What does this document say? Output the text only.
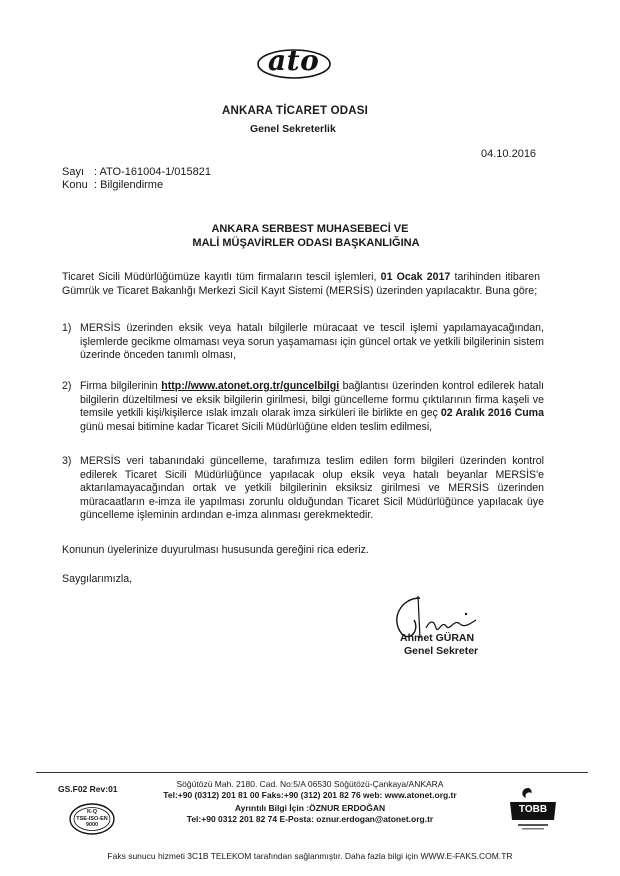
ato
ANKARA TİCARET ODASI
Genel Sekreterlik
04.10.2016
Sayı : ATO-161004-1/015821
Konu : Bilgilendirme
ANKARA SERBEST MUHASEBECİ VE
MALİ MÜŞAVİRLER ODASI BAŞKANLIĞINA
Ticaret Sicili Müdürlüğümüze kayıtlı tüm firmaların tescil işlemleri, 01 Ocak 2017 tarihinden itibaren Gümrük ve Ticaret Bakanlığı Merkezi Sicil Kayıt Sistemi (MERSİS) üzerinden yapılacaktır. Buna göre;
1) MERSİS üzerinden eksik veya hatalı bilgilerle müracaat ve tescil işlemi yapılamayacağından, işlemlerde gecikme olmaması veya sorun yaşamaması için güncel ortak ve yetkili bilgilerinin sistem üzerinde önceden tanımlı olması,
2) Firma bilgilerinin http://www.atonet.org.tr/guncelbilgi bağlantısı üzerinden kontrol edilerek hatalı bilgilerin düzeltilmesi ve eksik bilgilerin girilmesi, bilgi güncelleme formu çıktılarının firma kaşeli ve temsile yetkili kişi/kişilerce ıslak imzalı olarak imza sirküleri ile birlikte en geç 02 Aralık 2016 Cuma günü mesai bitimine kadar Ticaret Sicili Müdürlüğüne elden teslim edilmesi,
3) MERSİS veri tabanındaki güncelleme, tarafımıza teslim edilen form bilgileri üzerinden kontrol edilerek Ticaret Sicili Müdürlüğünce yapılacak olup eksik veya hatalı beyanlar MERSİS'e aktarılamayacağından ortak ve yetkili bilgilerinin eksiksiz girilmesi ve MERSİS üzerinden müracaatların e-imza ile yapılması zorunlu olduğundan Ticaret Sicil Müdürlüğünce yapılacak üye güncelleme işleminin ardından e-imza alınması gerekmektedir.
Konunun üyelerinize duyurulması hususunda gereğini rica ederiz.
Saygılarımızla,
Ahmet GÜRAN
Genel Sekreter
GS.F02 Rev:01
K-Q
TSE-ISO-EN
9000
Söğütözü Mah. 2180. Cad. No:5/A 06530 Söğütözü-Çankaya/ANKARA
Tel:+90 (0312) 201 81 00 Faks:+90 (312) 201 82 76 web: www.atonet.org.tr
Ayrıntılı Bilgi İçin :ÖZNUR ERDOĞAN
Tel:+90 0312 201 82 74 E-Posta: oznur.erdogan@atonet.org.tr
TOBB
Faks sunucu hizmeti 3C1B TELEKOM tarafından sağlanmıştır. Daha fazla bilgi için WWW.E-FAKS.COM.TR
